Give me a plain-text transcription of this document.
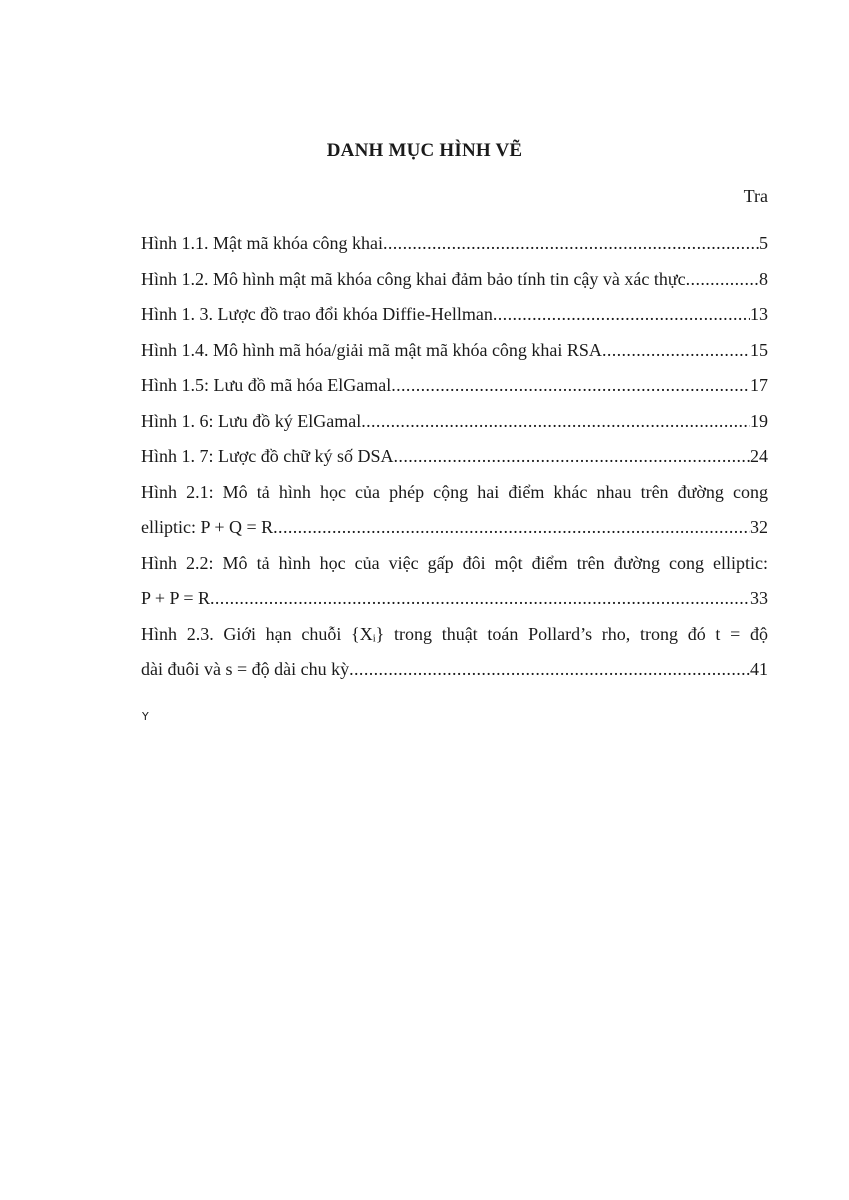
DANH MỤC HÌNH VẼ
Tra
Hình 1.1. Mật mã khóa công khai .....	5
Hình 1.2. Mô hình mật mã khóa công khai đảm bảo tính tin cậy và xác thực .....	8
Hình 1. 3. Lược đồ trao đổi khóa Diffie-Hellman .....	13
Hình 1.4. Mô hình mã hóa/giải mã mật mã khóa công khai RSA .....	15
Hình 1.5: Lưu đồ mã hóa ElGamal .....	17
Hình 1. 6: Lưu đồ ký ElGamal .....	19
Hình 1. 7: Lược đồ chữ ký số DSA .....	24
Hình 2.1: Mô tả hình học của phép cộng hai điểm khác nhau trên đường cong
elliptic: P + Q = R .....	32
Hình 2.2: Mô tả hình học của việc gấp đôi một điểm trên đường cong elliptic:
P + P = R .....	33
Hình 2.3. Giới hạn chuỗi {Xᵢ} trong thuật toán Pollard’s rho, trong đó t = độ
dài đuôi và s = độ dài chu kỳ .....	41
Y
